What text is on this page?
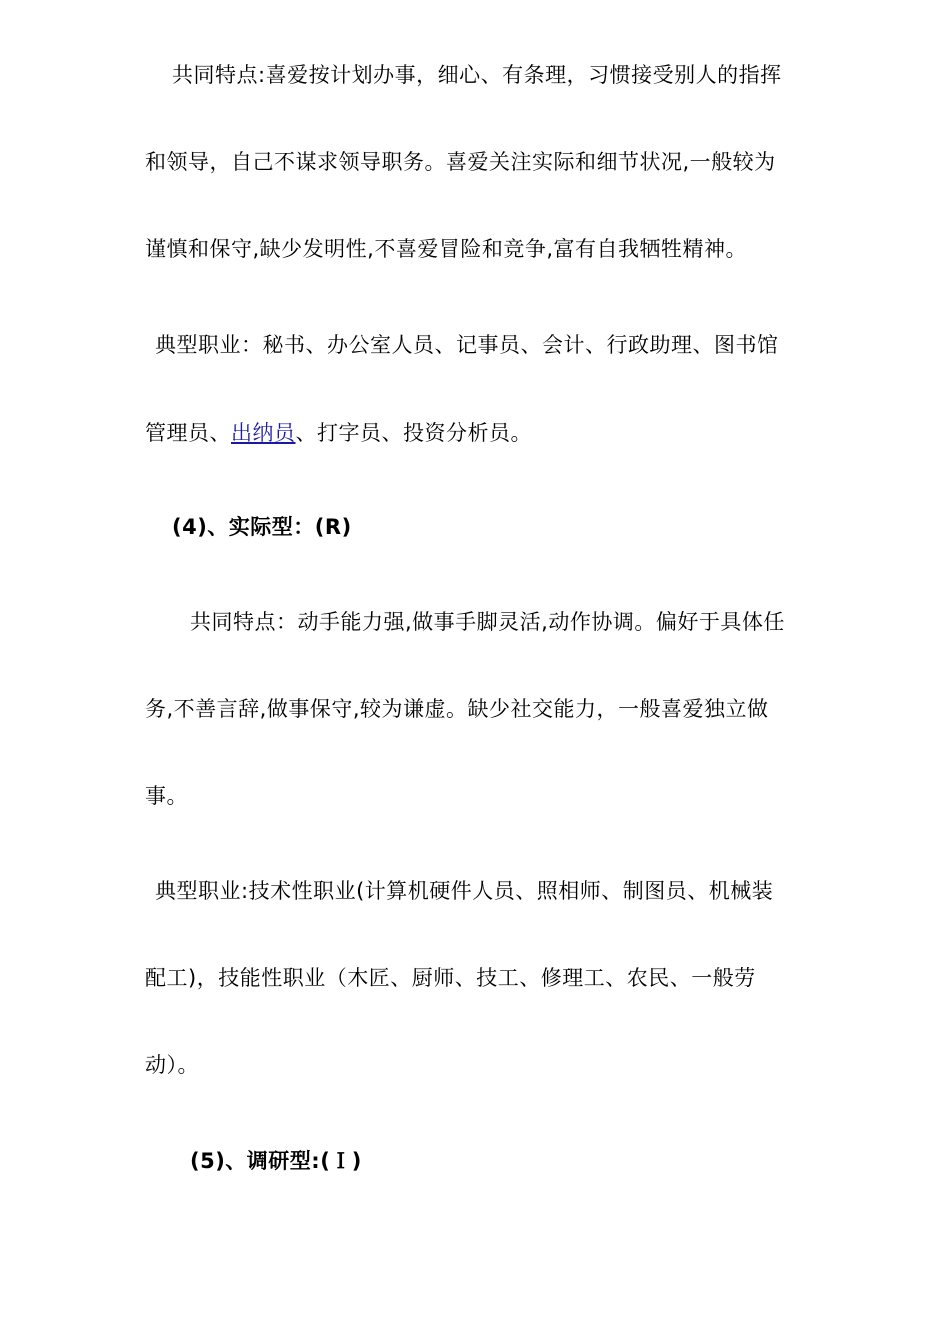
共同特点:喜爱按计划办事，细心、有条理，习惯接受别人的指挥
和领导，自己不谋求领导职务。喜爱关注实际和细节状况,一般较为
谨慎和保守,缺少发明性,不喜爱冒险和竞争,富有自我牺牲精神。
典型职业：秘书、办公室人员、记事员、会计、行政助理、图书馆
管理员、出纳员、打字员、投资分析员。
(4)、实际型：(R)
共同特点：动手能力强,做事手脚灵活,动作协调。偏好于具体任
务,不善言辞,做事保守,较为谦虚。缺少社交能力，一般喜爱独立做
事。
典型职业:技术性职业(计算机硬件人员、照相师、制图员、机械装
配工)，技能性职业（木匠、厨师、技工、修理工、农民、一般劳
动）。
(5)、调研型:(Ｉ)
